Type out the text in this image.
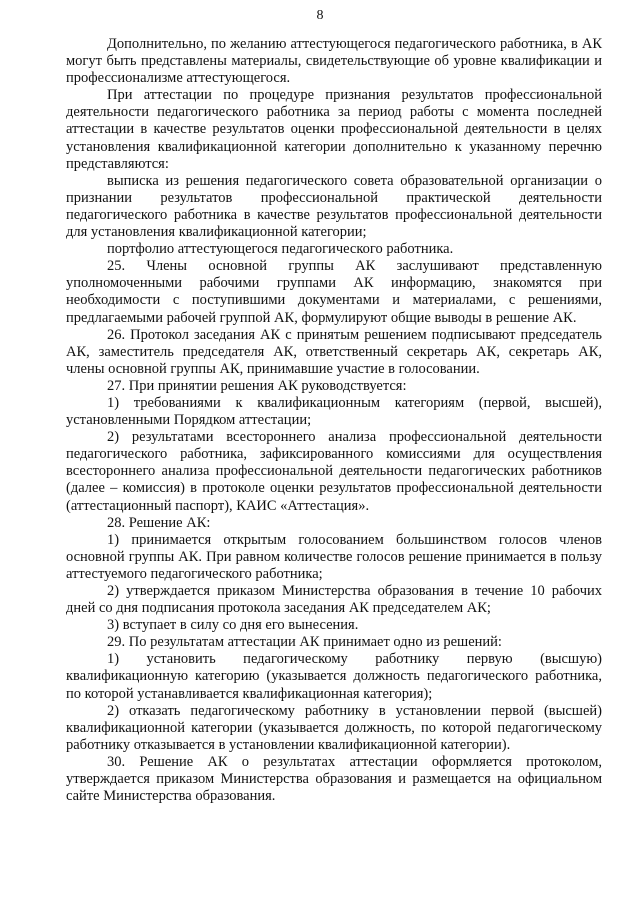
8

Дополнительно, по желанию аттестующегося педагогического работника, в АК могут быть представлены материалы, свидетельствующие об уровне квалификации и профессионализме аттестующегося.

При аттестации по процедуре признания результатов профессиональной деятельности педагогического работника за период работы с момента последней аттестации в качестве результатов оценки профессиональной деятельности в целях установления квалификационной категории дополнительно к указанному перечню представляются:

выписка из решения педагогического совета образовательной организации о признании результатов профессиональной практической деятельности педагогического работника в качестве результатов профессиональной деятельности для установления квалификационной категории;

портфолио аттестующегося педагогического работника.

25. Члены основной группы АК заслушивают представленную уполномоченными рабочими группами АК информацию, знакомятся при необходимости с поступившими документами и материалами, с решениями, предлагаемыми рабочей группой АК, формулируют общие выводы в решение АК.

26. Протокол заседания АК с принятым решением подписывают председатель АК, заместитель председателя АК, ответственный секретарь АК, секретарь АК, члены основной группы АК, принимавшие участие в голосовании.

27. При принятии решения АК руководствуется:

1) требованиями к квалификационным категориям (первой, высшей), установленными Порядком аттестации;

2) результатами всестороннего анализа профессиональной деятельности педагогического работника, зафиксированного комиссиями для осуществления всестороннего анализа профессиональной деятельности педагогических работников (далее – комиссия) в протоколе оценки результатов профессиональной деятельности (аттестационный паспорт), КАИС «Аттестация».

28. Решение АК:

1) принимается открытым голосованием большинством голосов членов основной группы АК. При равном количестве голосов решение принимается в пользу аттестуемого педагогического работника;

2) утверждается приказом Министерства образования в течение 10 рабочих дней со дня подписания протокола заседания АК председателем АК;

3) вступает в силу со дня его вынесения.

29. По результатам аттестации АК принимает одно из решений:

1) установить педагогическому работнику первую (высшую) квалификационную категорию (указывается должность педагогического работника, по которой устанавливается квалификационная категория);

2) отказать педагогическому работнику в установлении первой (высшей) квалификационной категории (указывается должность, по которой педагогическому работнику отказывается в установлении квалификационной категории).

30. Решение АК о результатах аттестации оформляется протоколом, утверждается приказом Министерства образования и размещается на официальном сайте Министерства образования.
